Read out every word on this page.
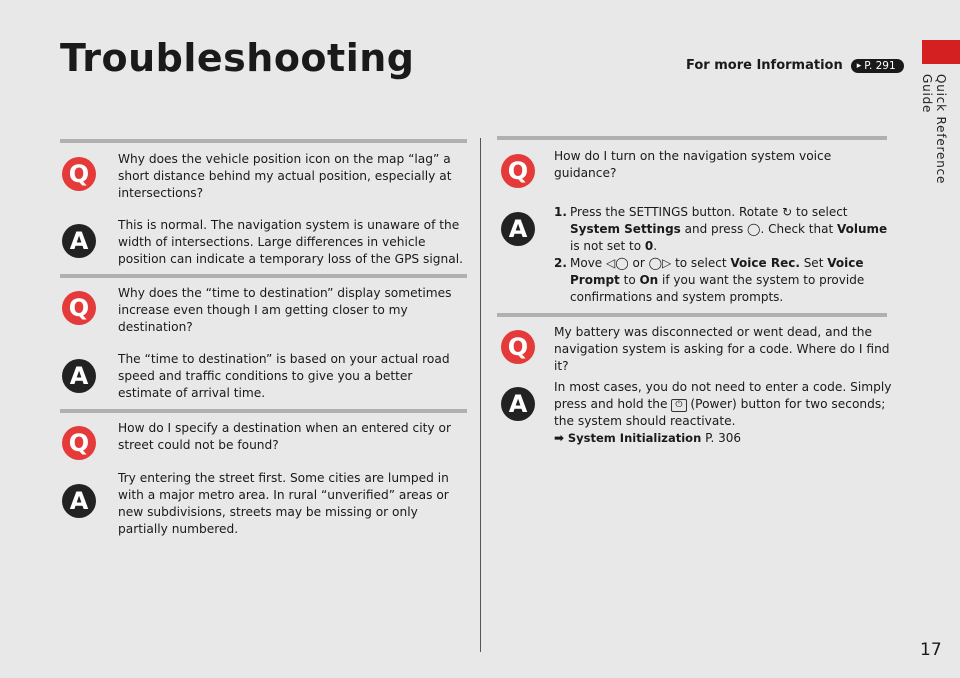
Troubleshooting	For more Information ▸ P. 291
Quick Reference Guide
17
Q
Why does the vehicle position icon on the map “lag” a short distance behind my actual position, especially at intersections?
A
This is normal. The navigation system is unaware of the width of intersections. Large differences in vehicle position can indicate a temporary loss of the GPS signal.
Q
Why does the “time to destination” display sometimes increase even though I am getting closer to my destination?
A
The “time to destination” is based on your actual road speed and traffic conditions to give you a better estimate of arrival time.
Q
How do I specify a destination when an entered city or street could not be found?
A
Try entering the street first. Some cities are lumped in with a major metro area. In rural “unverified” areas or new subdivisions, streets may be missing or only partially numbered.
Q
How do I turn on the navigation system voice guidance?
A
1. Press the SETTINGS button. Rotate ↻ to select System Settings and press ◯. Check that Volume is not set to 0.
2. Move ◁◯ or ◯▷ to select Voice Rec. Set Voice Prompt to On if you want the system to provide confirmations and system prompts.
Q
My battery was disconnected or went dead, and the navigation system is asking for a code. Where do I find it?
A
In most cases, you do not need to enter a code. Simply press and hold the ⏻ (Power) button for two seconds; the system should reactivate.
➡ System Initialization P. 306
